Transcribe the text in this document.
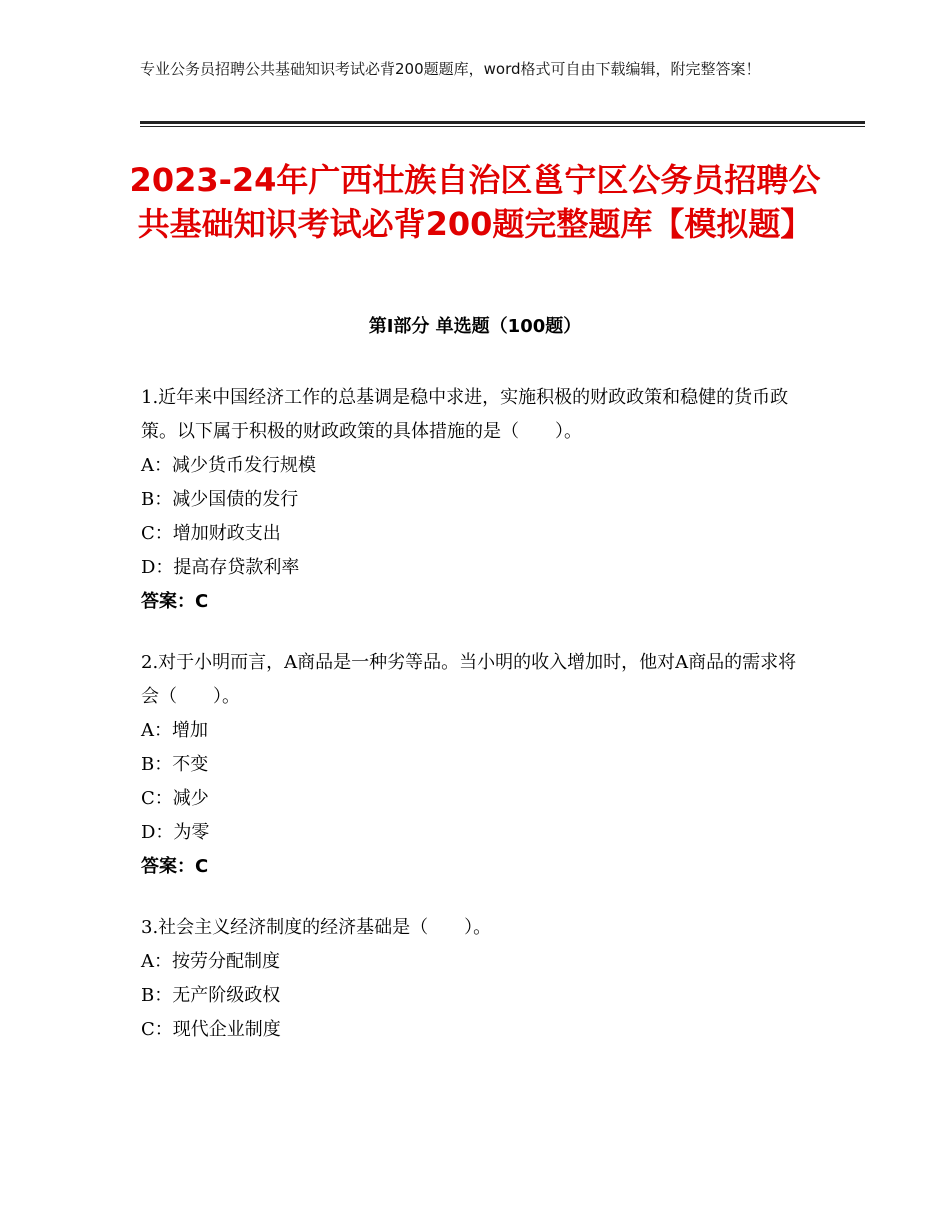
专业公务员招聘公共基础知识考试必背200题题库，word格式可自由下载编辑，附完整答案！
2023-24年广西壮族自治区邕宁区公务员招聘公共基础知识考试必背200题完整题库【模拟题】
第I部分 单选题（100题）

1.近年来中国经济工作的总基调是稳中求进，实施积极的财政政策和稳健的货币政策。以下属于积极的财政政策的具体措施的是（　　）。

A：减少货币发行规模

B：减少国债的发行

C：增加财政支出

D：提高存贷款利率

答案：C

2.对于小明而言，A商品是一种劣等品。当小明的收入增加时，他对A商品的需求将会（　　）。

A：增加

B：不变

C：减少

D：为零

答案：C

3.社会主义经济制度的经济基础是（　　）。

A：按劳分配制度

B：无产阶级政权

C：现代企业制度
